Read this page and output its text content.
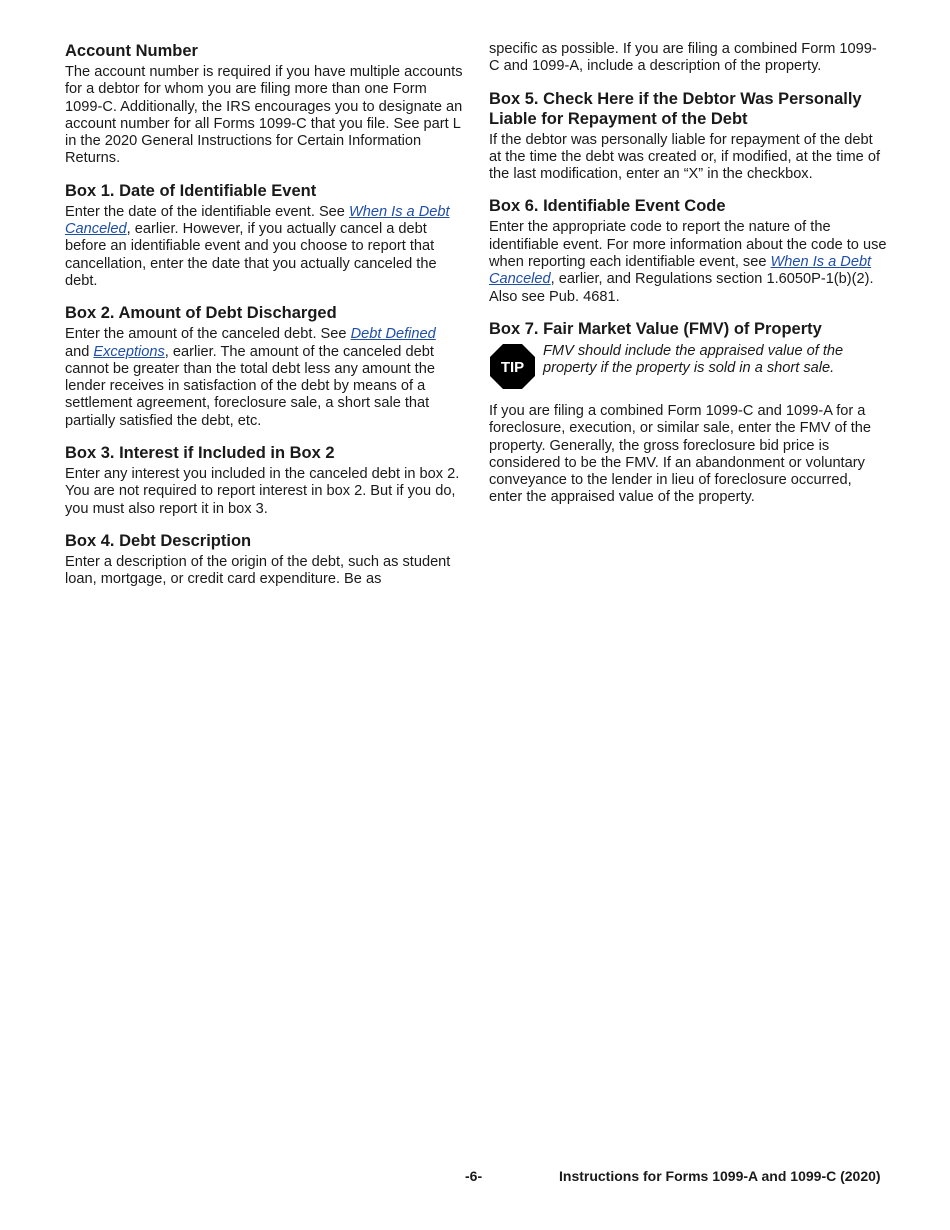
Account Number

The account number is required if you have multiple accounts for a debtor for whom you are filing more than one Form 1099-C. Additionally, the IRS encourages you to designate an account number for all Forms 1099-C that you file. See part L in the 2020 General Instructions for Certain Information Returns.

Box 1. Date of Identifiable Event

Enter the date of the identifiable event. See When Is a Debt Canceled, earlier. However, if you actually cancel a debt before an identifiable event and you choose to report that cancellation, enter the date that you actually canceled the debt.

Box 2. Amount of Debt Discharged

Enter the amount of the canceled debt. See Debt Defined and Exceptions, earlier. The amount of the canceled debt cannot be greater than the total debt less any amount the lender receives in satisfaction of the debt by means of a settlement agreement, foreclosure sale, a short sale that partially satisfied the debt, etc.

Box 3. Interest if Included in Box 2

Enter any interest you included in the canceled debt in box 2. You are not required to report interest in box 2. But if you do, you must also report it in box 3.

Box 4. Debt Description

Enter a description of the origin of the debt, such as student loan, mortgage, or credit card expenditure. Be as

specific as possible. If you are filing a combined Form 1099-C and 1099-A, include a description of the property.

Box 5. Check Here if the Debtor Was Personally Liable for Repayment of the Debt

If the debtor was personally liable for repayment of the debt at the time the debt was created or, if modified, at the time of the last modification, enter an “X” in the checkbox.

Box 6. Identifiable Event Code

Enter the appropriate code to report the nature of the identifiable event. For more information about the code to use when reporting each identifiable event, see When Is a Debt Canceled, earlier, and Regulations section 1.6050P-1(b)(2). Also see Pub. 4681.

Box 7. Fair Market Value (FMV) of Property
TIP

FMV should include the appraised value of the property if the property is sold in a short sale.

If you are filing a combined Form 1099-C and 1099-A for a foreclosure, execution, or similar sale, enter the FMV of the property. Generally, the gross foreclosure bid price is considered to be the FMV. If an abandonment or voluntary conveyance to the lender in lieu of foreclosure occurred, enter the appraised value of the property.

-6-	Instructions for Forms 1099-A and 1099-C (2020)
